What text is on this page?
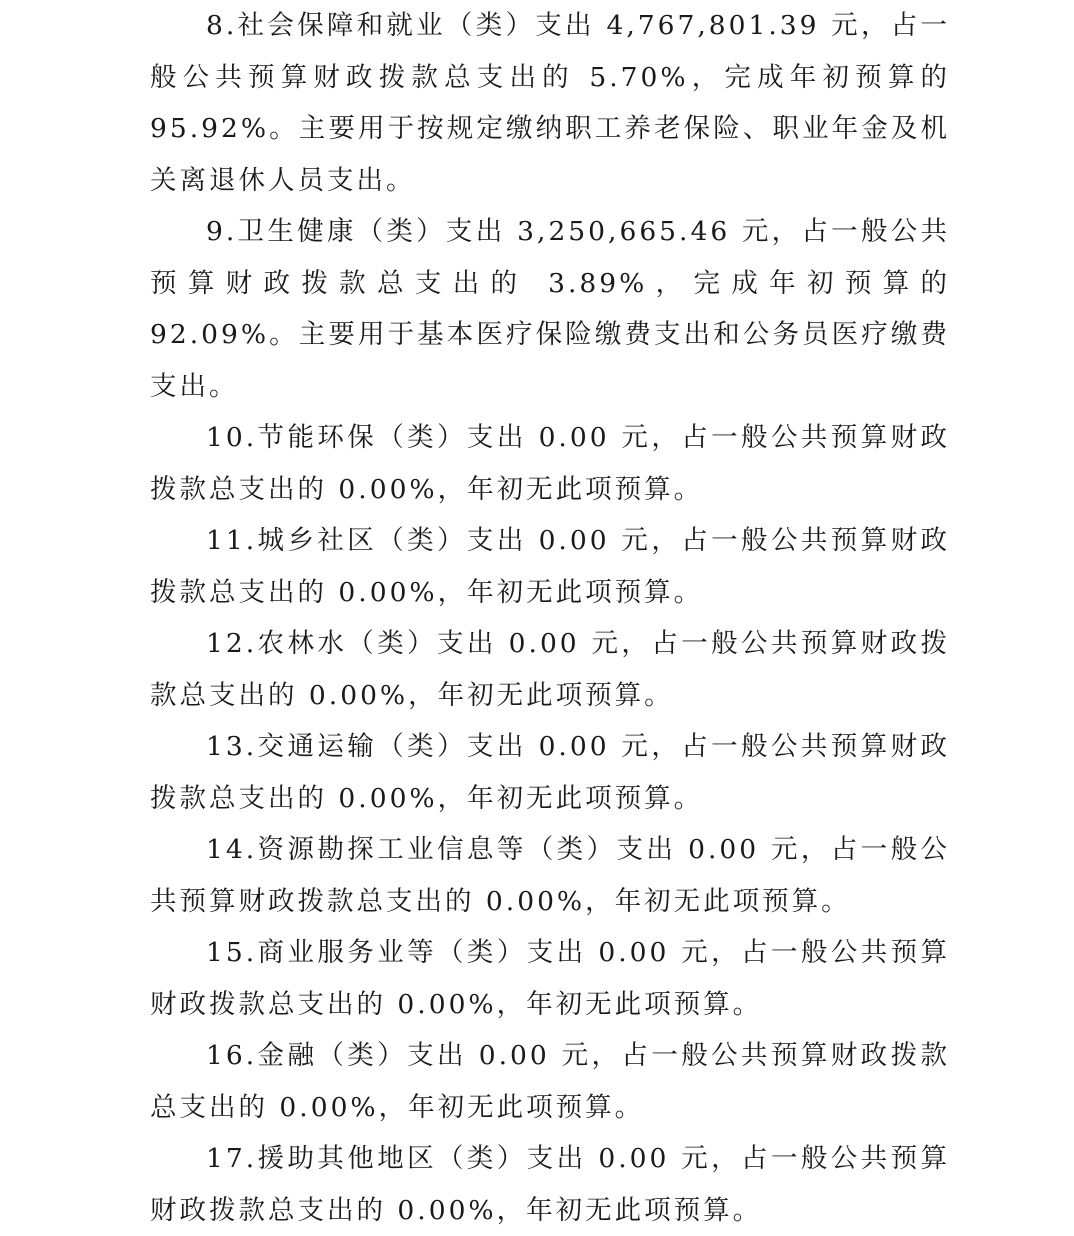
8.社会保障和就业（类）支出 4,767,801.39 元，占一般公共预算财政拨款总支出的 5.70%，完成年初预算的 95.92%。主要用于按规定缴纳职工养老保险、职业年金及机关离退休人员支出。

9.卫生健康（类）支出 3,250,665.46 元，占一般公共预算财政拨款总支出的 3.89%，完成年初预算的 92.09%。主要用于基本医疗保险缴费支出和公务员医疗缴费支出。

10.节能环保（类）支出 0.00 元，占一般公共预算财政拨款总支出的 0.00%，年初无此项预算。

11.城乡社区（类）支出 0.00 元，占一般公共预算财政拨款总支出的 0.00%，年初无此项预算。

12.农林水（类）支出 0.00 元，占一般公共预算财政拨款总支出的 0.00%，年初无此项预算。

13.交通运输（类）支出 0.00 元，占一般公共预算财政拨款总支出的 0.00%，年初无此项预算。

14.资源勘探工业信息等（类）支出 0.00 元，占一般公共预算财政拨款总支出的 0.00%，年初无此项预算。

15.商业服务业等（类）支出 0.00 元，占一般公共预算财政拨款总支出的 0.00%，年初无此项预算。

16.金融（类）支出 0.00 元，占一般公共预算财政拨款总支出的 0.00%，年初无此项预算。

17.援助其他地区（类）支出 0.00 元，占一般公共预算财政拨款总支出的 0.00%，年初无此项预算。
